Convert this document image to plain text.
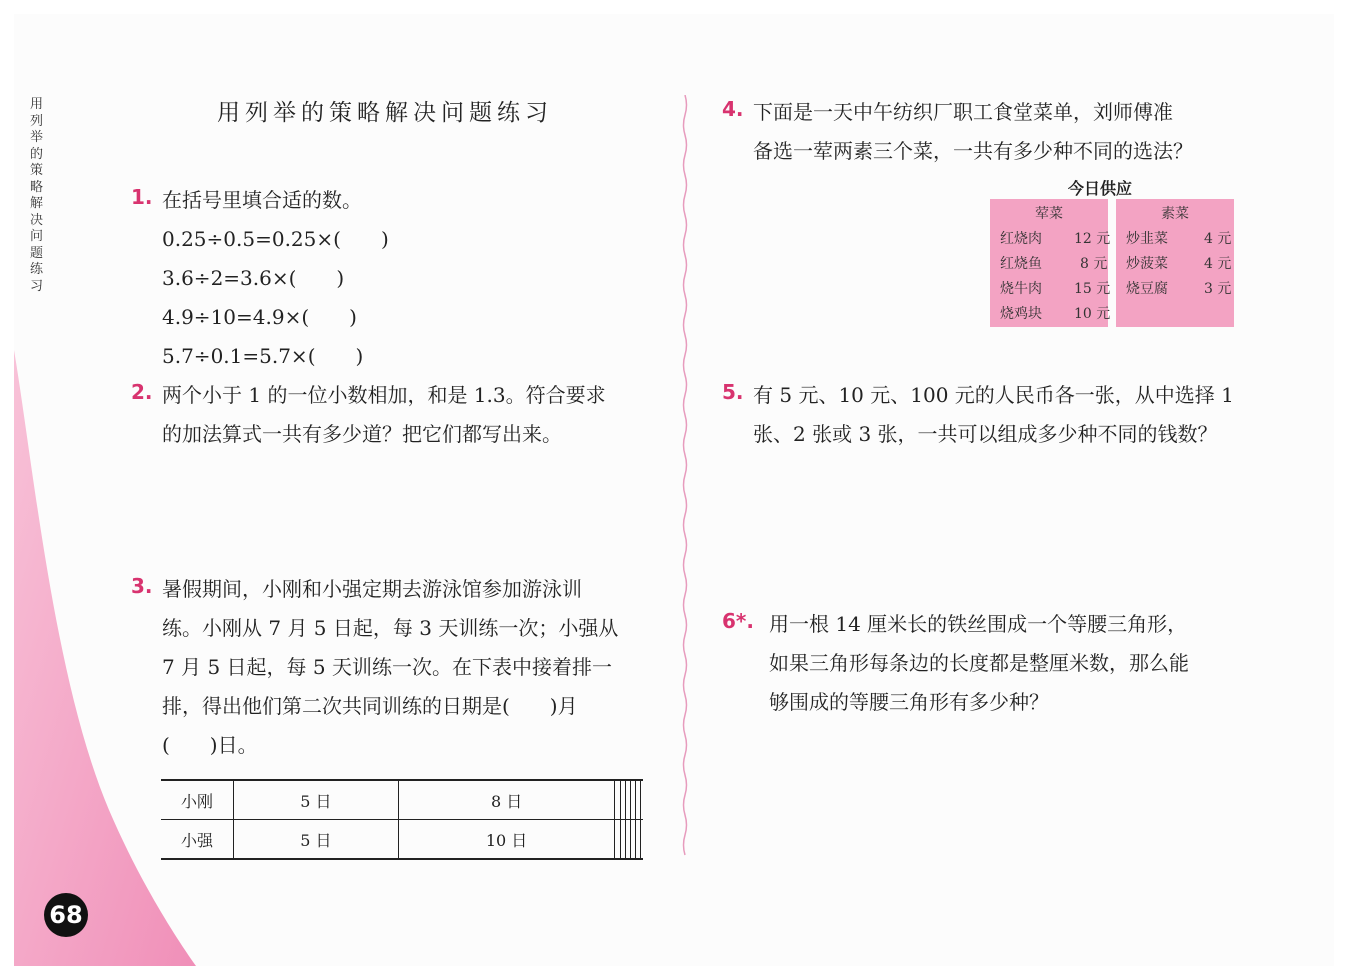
68
用列举的策略解决问题练习
用列举的策略解决问题练习
1. 在括号里填合适的数。
0.25÷0.5=0.25×(　　)
3.6÷2=3.6×(　　)
4.9÷10=4.9×(　　)
5.7÷0.1=5.7×(　　)
2. 两个小于 1 的一位小数相加，和是 1.3。符合要求
的加法算式一共有多少道？把它们都写出来。
3. 暑假期间，小刚和小强定期去游泳馆参加游泳训
练。小刚从 7 月 5 日起，每 3 天训练一次；小强从
7 月 5 日起，每 5 天训练一次。在下表中接着排一
排，得出他们第二次共同训练的日期是(　　)月
(　　)日。
小刚	5 日	8 日						
小强	5 日	10 日						
4. 下面是一天中午纺织厂职工食堂菜单，刘师傅准
备选一荤两素三个菜，一共有多少种不同的选法？
今日供应
荤菜
红烧肉 12 元
红烧鱼	8 元
烧牛肉 15 元
烧鸡块 10 元
素菜
炒韭菜	4 元
炒菠菜	4 元
烧豆腐	3 元
5. 有 5 元、10 元、100 元的人民币各一张，从中选择 1
张、2 张或 3 张，一共可以组成多少种不同的钱数？
6*. 用一根 14 厘米长的铁丝围成一个等腰三角形，
如果三角形每条边的长度都是整厘米数，那么能
够围成的等腰三角形有多少种？
